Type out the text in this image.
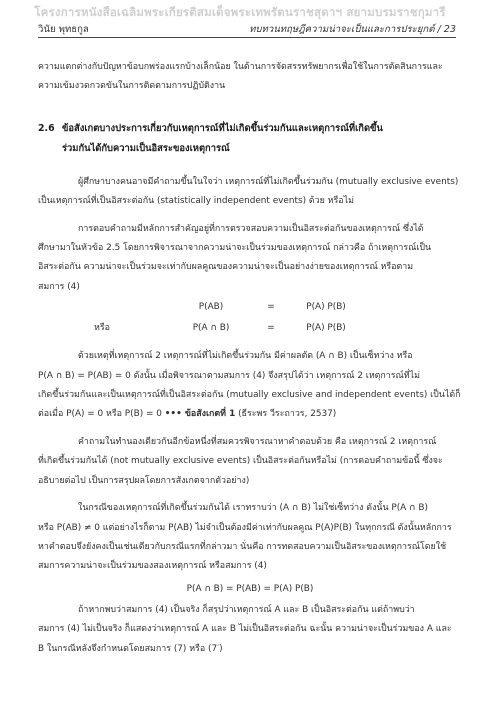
โครงการหนังสือเฉลิมพระเกียรติสมเด็จพระเทพรัตนราชสุดาฯ สยามบรมราชกุมารี
วินัย พุทธกูล	ทบทวนทฤษฎีความน่าจะเป็นและการประยุกต์ / 23

ความแตกต่างกับปัญหาข้อบกพร่องแรกบ้างเล็กน้อย ในด้านการจัดสรรทรัพยากรเพื่อใช้ในการตัดสินการและ

ความเข้มงวดกวดขันในการติดตามการปฏิบัติงาน

2.6 ข้อสังเกตบางประการเกี่ยวกับเหตุการณ์ที่ไม่เกิดขึ้นร่วมกันและเหตุการณ์ที่เกิดขึ้น
ร่วมกันได้กับความเป็นอิสระของเหตุการณ์

ผู้ศึกษาบางคนอาจมีคำถามขึ้นในใจว่า เหตุการณ์ที่ไม่เกิดขึ้นร่วมกัน (mutually exclusive events)

เป็นเหตุการณ์ที่เป็นอิสระต่อกัน (statistically independent events) ด้วย หรือไม่

การตอบคำถามมีหลักการสำคัญอยู่ที่การตรวจสอบความเป็นอิสระต่อกันของเหตุการณ์ ซึ่งได้

ศึกษามาในหัวข้อ 2.5 โดยการพิจารณาจากความน่าจะเป็นร่วมของเหตุการณ์ กล่าวคือ ถ้าเหตุการณ์เป็น

อิสระต่อกัน ความน่าจะเป็นร่วมจะเท่ากับผลคูณของความน่าจะเป็นอย่างง่ายของเหตุการณ์ หรือตาม

สมการ (4)

P(AB)	=	P(A) P(B)
หรือ	P(A ∩ B)	=	P(A) P(B)

ด้วยเหตุที่เหตุการณ์ 2 เหตุการณ์ที่ไม่เกิดขึ้นร่วมกัน มีค่าผลตัด (A ∩ B) เป็นเซ็ทว่าง หรือ

P(A ∩ B) = P(AB) = 0 ดังนั้น เมื่อพิจารณาตามสมการ (4) จึงสรุปได้ว่า เหตุการณ์ 2 เหตุการณ์ที่ไม่

เกิดขึ้นร่วมกันและเป็นเหตุการณ์ที่เป็นอิสระต่อกัน (mutually exclusive and independent events) เป็นได้ก็

ต่อเมื่อ P(A) = 0 หรือ P(B) = 0 ••• ข้อสังเกตที่ 1 (ธีระพร วีระถาวร, 2537)

คำถามในทำนองเดียวกันอีกข้อหนึ่งที่สมควรพิจารณาหาคำตอบด้วย คือ เหตุการณ์ 2 เหตุการณ์

ที่เกิดขึ้นร่วมกันได้ (not mutually exclusive events) เป็นอิสระต่อกันหรือไม่ (การตอบคำถามข้อนี้ ซึ่งจะ

อธิบายต่อไป เป็นการสรุปผลโดยการสังเกตจากตัวอย่าง)

ในกรณีของเหตุการณ์ที่เกิดขึ้นร่วมกันได้ เราทราบว่า (A ∩ B) ไม่ใช่เซ็ทว่าง ดังนั้น P(A ∩ B)

หรือ P(AB) ≠ 0 แต่อย่างไรก็ตาม P(AB) ไม่จำเป็นต้องมีค่าเท่ากับผลคูณ P(A)P(B) ในทุกกรณี ดังนั้นหลักการ

หาคำตอบจึงยังคงเป็นเช่นเดียวกับกรณีแรกที่กล่าวมา นั่นคือ การทดสอบความเป็นอิสระของเหตุการณ์โดยใช้

สมการความน่าจะเป็นร่วมของสองเหตุการณ์ หรือสมการ (4)

P(A ∩ B) = P(AB) = P(A) P(B)

ถ้าหากพบว่าสมการ (4) เป็นจริง ก็สรุปว่าเหตุการณ์ A และ B เป็นอิสระต่อกัน แต่ถ้าพบว่า

สมการ (4) ไม่เป็นจริง ก็แสดงว่าเหตุการณ์ A และ B ไม่เป็นอิสระต่อกัน ฉะนั้น ความน่าจะเป็นร่วมของ A และ

B ในกรณีหลังจึงกำหนดโดยสมการ (7) หรือ (7′)
